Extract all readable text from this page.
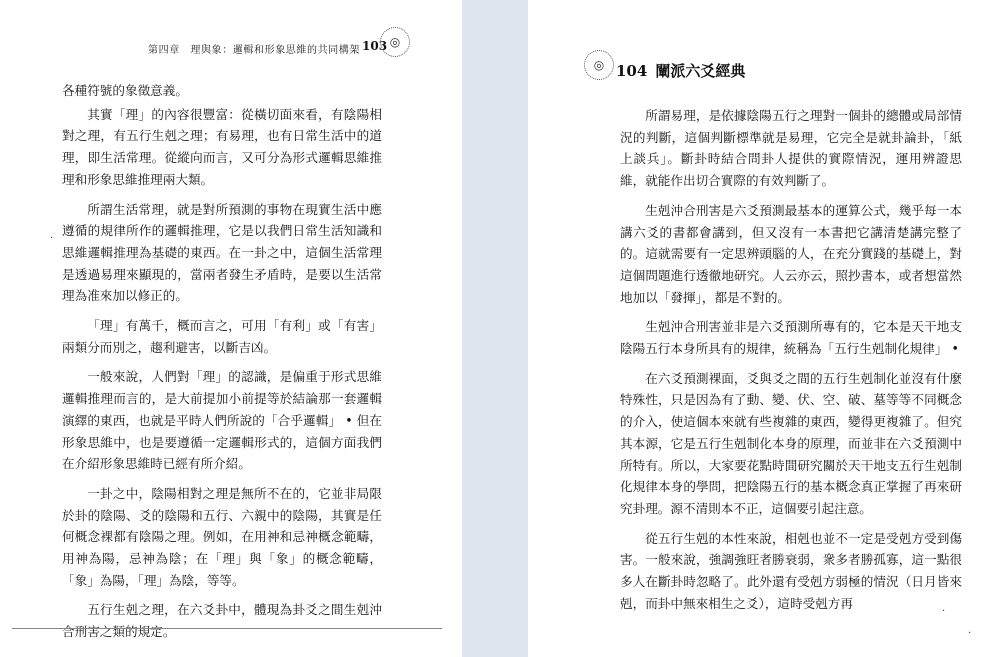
第四章　理與象：邏輯和形象思維的共同構架 103 ◎
·

各種符號的象徵意義。

其實「理」的內容很豐富：從橫切面來看，有陰陽相對之理，有五行生剋之理；有易理，也有日常生活中的道理，即生活常理。從縱向而言，又可分為形式邏輯思維推理和形象思維推理兩大類。

所謂生活常理，就是對所預測的事物在現實生活中應遵循的規律所作的邏輯推理，它是以我們日常生活知識和思維邏輯推理為基礎的東西。在一卦之中，這個生活常理是透過易理來顯現的，當兩者發生矛盾時，是要以生活常理為准來加以修正的。

「理」有萬千，概而言之，可用「有利」或「有害」兩類分而別之，趨利避害，以斷吉凶。

一般來說，人們對「理」的認識，是偏重于形式思維邏輯推理而言的，是大前提加小前提等於結論那一套邏輯演繹的東西，也就是平時人們所說的「合乎邏輯」 • 但在形象思維中，也是要遵循一定邏輯形式的，這個方面我們在介紹形象思維時已經有所介紹。

一卦之中，陰陽相對之理是無所不在的，它並非局限於卦的陰陽、爻的陰陽和五行、六親中的陰陽，其實是任何概念裸都有陰陽之理。例如，在用神和忌神概念範疇，用神為陽，忌神為陰；在「理」與「象」的概念範疇，「象」為陽，「理」為陰，等等。

五行生剋之理，在六爻卦中，體現為卦爻之間生剋沖合刑害之類的規定。

◎ 104 闡派六爻經典

所謂易理，是依據陰陽五行之理對一個卦的總體或局部情況的判斷，這個判斷標準就是易理，它完全是就卦論卦，「紙上談兵」。斷卦時結合問卦人提供的實際情況，運用辨證思維，就能作出切合實際的有效判斷了。

生剋沖合刑害是六爻預測最基本的運算公式，幾乎每一本講六爻的書都會講到，但又沒有一本書把它講清楚講完整了的。這就需要有一定思辨頭腦的人，在充分實踐的基礎上，對這個問題進行透徹地研究。人云亦云，照抄書本，或者想當然地加以「發揮」，都是不對的。

生剋沖合刑害並非是六爻預測所專有的，它本是天干地支陰陽五行本身所具有的規律，統稱為「五行生剋制化規律」 •

在六爻預測裸面，爻與爻之間的五行生剋制化並沒有什麼特殊性，只是因為有了動、變、伏、空、破、墓等等不同概念的介入，使這個本來就有些複雜的東西，變得更複雜了。但究其本源，它是五行生剋制化本身的原理，而並非在六爻預測中所特有。所以，大家要花點時間研究關於天干地支五行生剋制化規律本身的學問，把陰陽五行的基本概念真正掌握了再來研究卦理。源不清則本不正，這個要引起注意。

從五行生剋的本性來說，相剋也並不一定是受剋方受到傷害。一般來說，強調強旺者勝衰弱，衆多者勝孤寡，這一點很多人在斷卦時忽略了。此外還有受剋方弱極的情況（日月皆來剋，而卦中無來相生之爻），這時受剋方再

·
·
